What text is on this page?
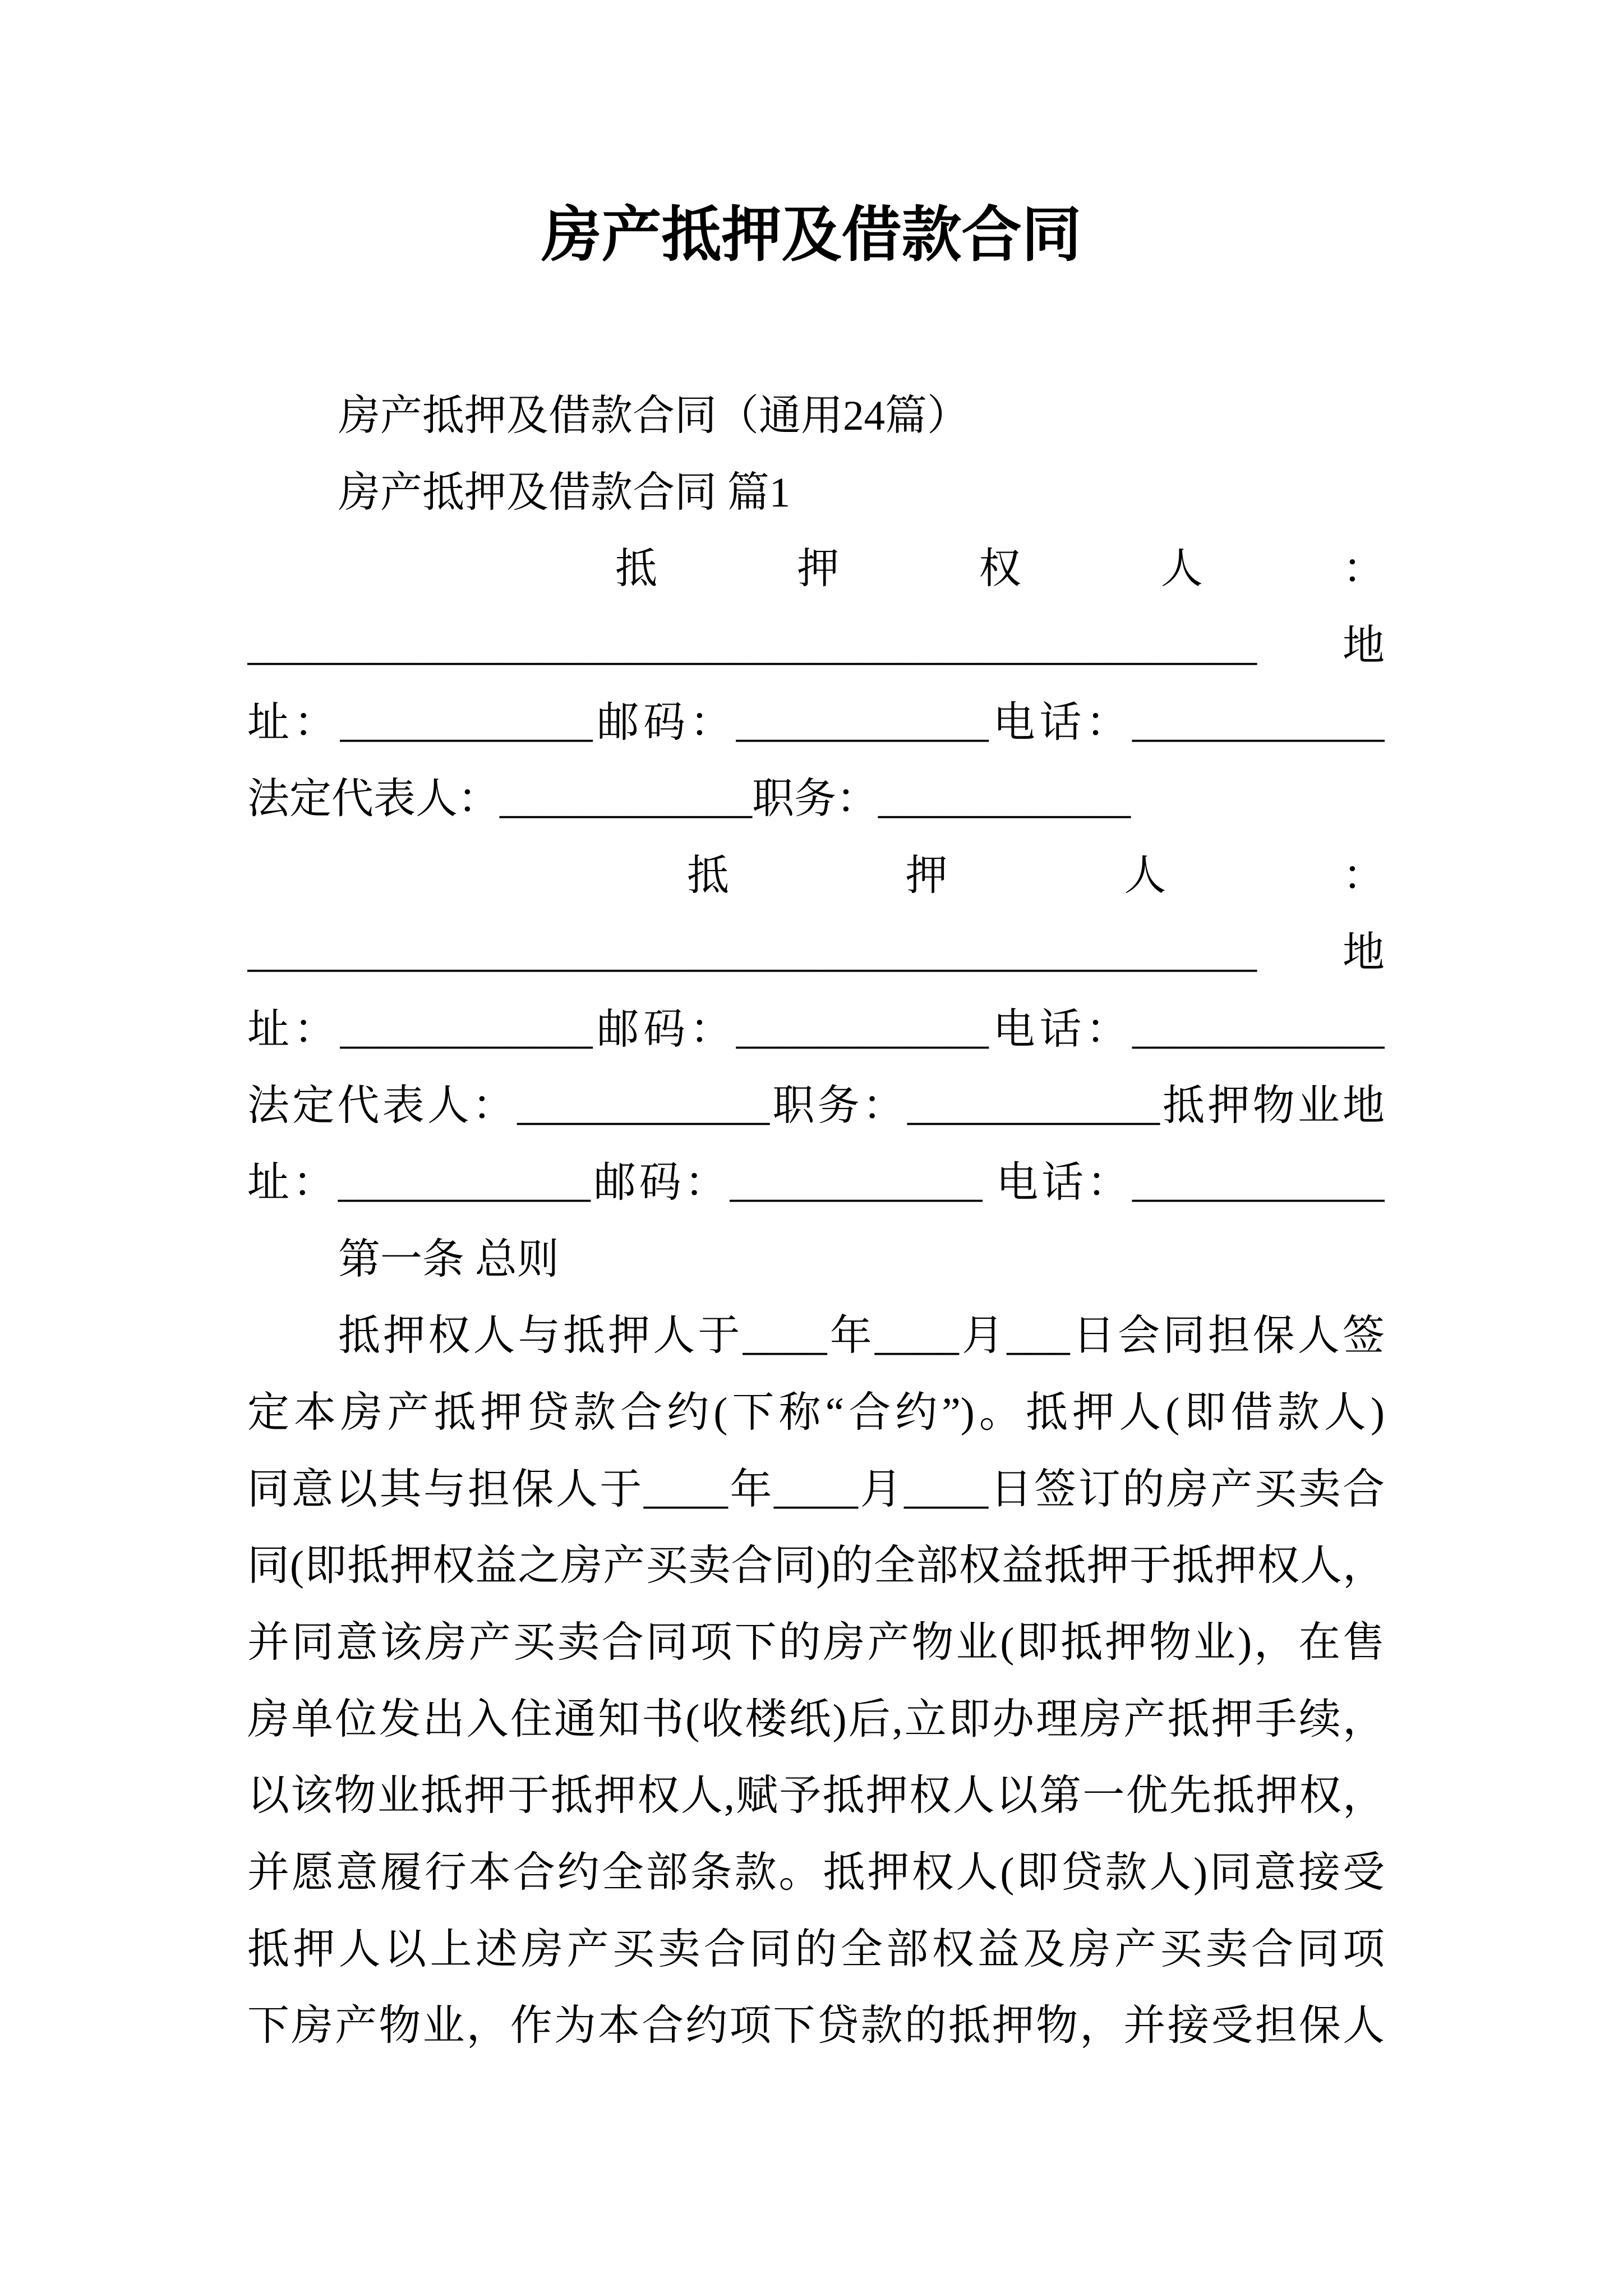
房产抵押及借款合同
房产抵押及借款合同（通用24篇）
房产抵押及借款合同 篇1
抵押权人：
________________________________________________ 地
址：____________邮码：____________电话：____________
法定代表人：____________职务：____________
抵押人：
________________________________________________ 地
址：____________邮码：____________电话：____________
法定代表人：____________职务：____________抵押物业地
址：____________邮码：____________ 电话：____________
第一条 总则
抵押权人与抵押人于____年____月___日会同担保人签
定本房产抵押贷款合约(下称“合约”)。抵押人(即借款人)
同意以其与担保人于____年____月____日签订的房产买卖合
同(即抵押权益之房产买卖合同)的全部权益抵押于抵押权人，
并同意该房产买卖合同项下的房产物业(即抵押物业)，在售
房单位发出入住通知书(收楼纸)后,立即办理房产抵押手续，
以该物业抵押于抵押权人,赋予抵押权人以第一优先抵押权，
并愿意履行本合约全部条款。抵押权人(即贷款人)同意接受
抵押人以上述房产买卖合同的全部权益及房产买卖合同项
下房产物业，作为本合约项下贷款的抵押物，并接受担保人
